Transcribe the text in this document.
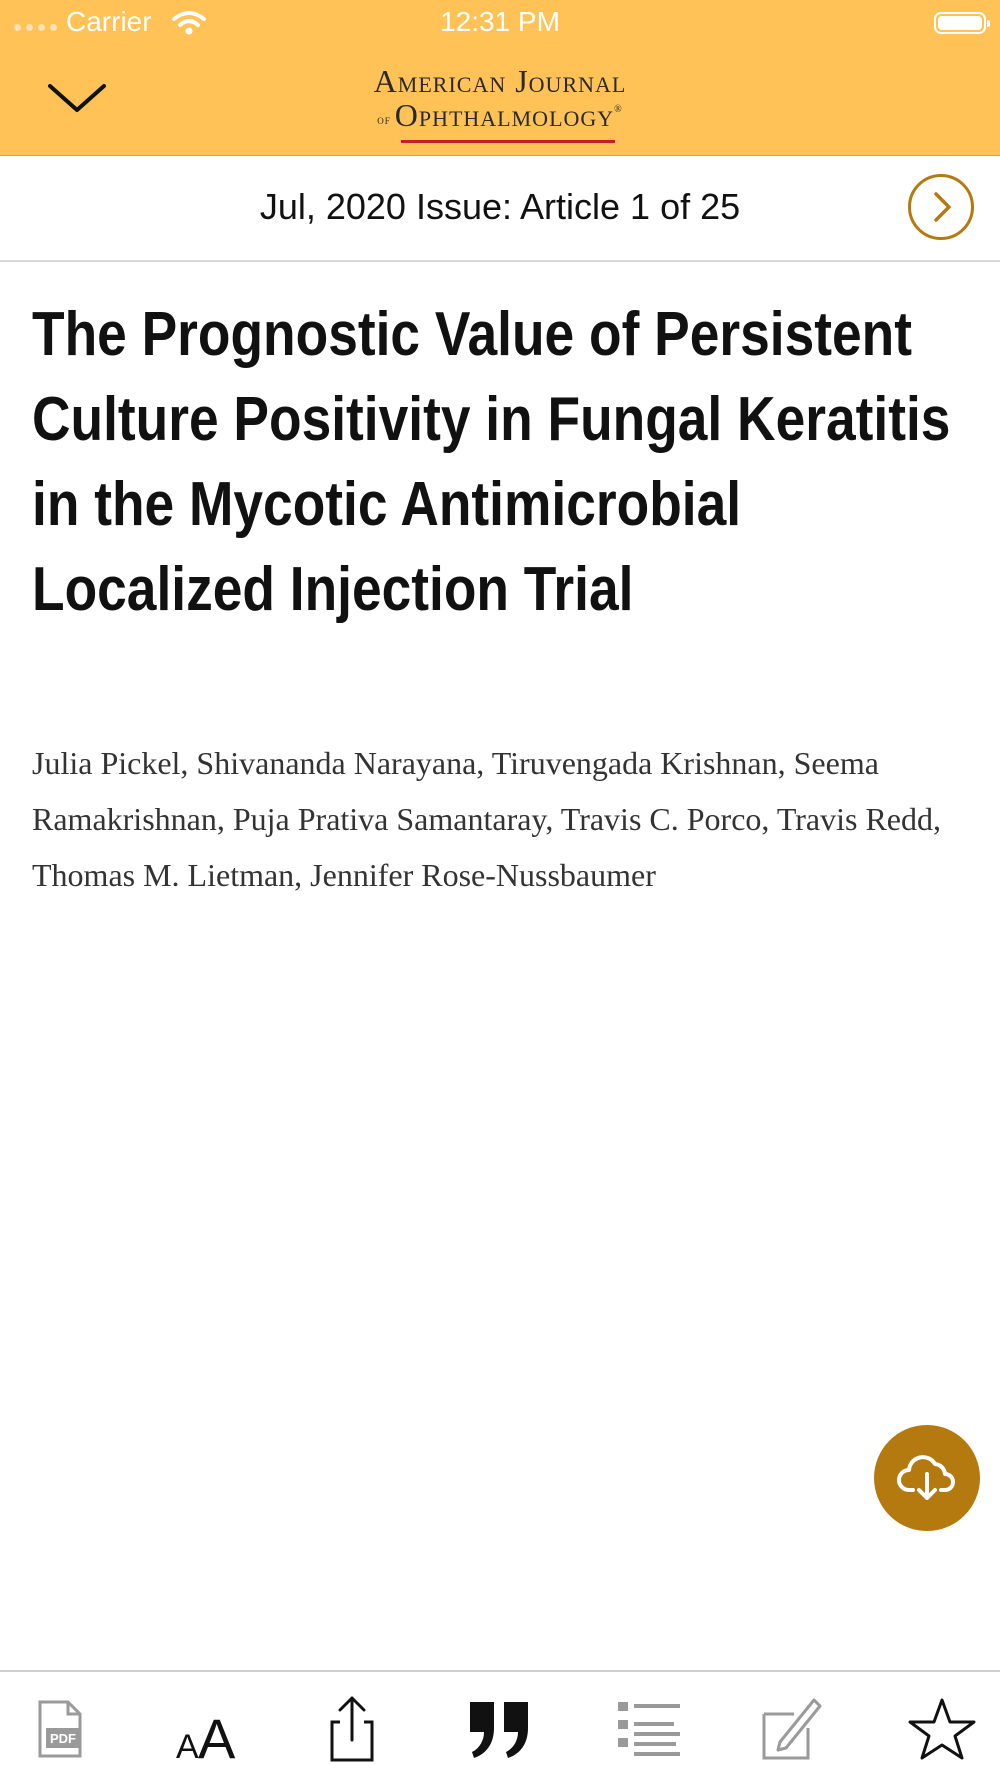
Carrier	12:31 PM
American Journal
of Ophthalmology®
Jul, 2020 Issue: Article 1 of 25
The Prognostic Value of Persistent Culture Positivity in Fungal Keratitis in the Mycotic Antimicrobial Localized Injection Trial
Julia Pickel, Shivananda Narayana, Tiruvengada Krishnan, Seema Ramakrishnan, Puja Prativa Samantaray, Travis C. Porco, Travis Redd, Thomas M. Lietman, Jennifer Rose-Nussbaumer
PDF	A A
